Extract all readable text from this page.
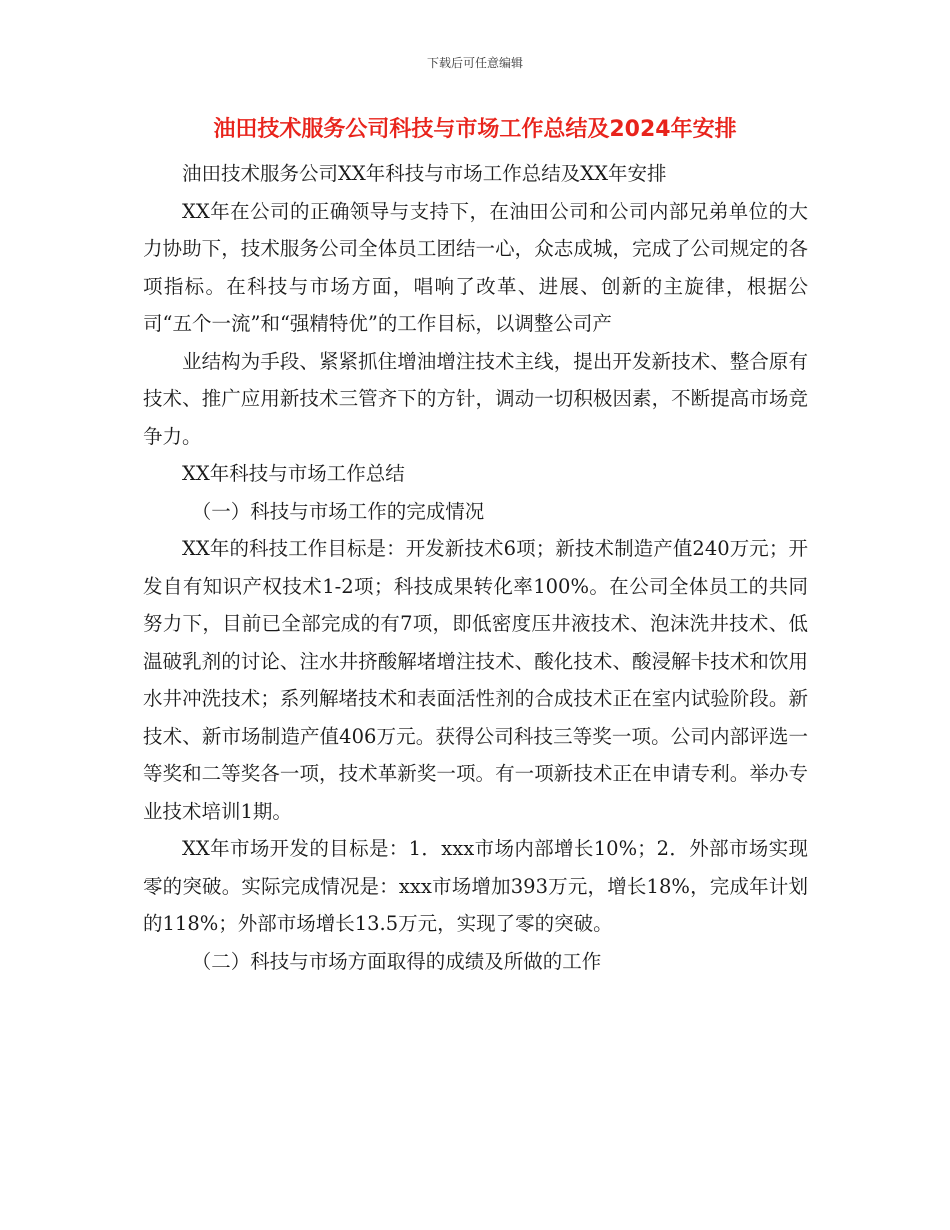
下载后可任意编辑
油田技术服务公司科技与市场工作总结及2024年安排

油田技术服务公司XX年科技与市场工作总结及XX年安排

XX年在公司的正确领导与支持下，在油田公司和公司内部兄弟单位的大力协助下，技术服务公司全体员工团结一心，众志成城，完成了公司规定的各项指标。在科技与市场方面，唱响了改革、进展、创新的主旋律，根据公司“五个一流”和“强精特优”的工作目标，以调整公司产

业结构为手段、紧紧抓住增油增注技术主线，提出开发新技术、整合原有技术、推广应用新技术三管齐下的方针，调动一切积极因素，不断提高市场竞争力。

XX年科技与市场工作总结

（一）科技与市场工作的完成情况

XX年的科技工作目标是：开发新技术6项；新技术制造产值240万元；开发自有知识产权技术1-2项；科技成果转化率100%。在公司全体员工的共同努力下，目前已全部完成的有7项，即低密度压井液技术、泡沫洗井技术、低温破乳剂的讨论、注水井挤酸解堵增注技术、酸化技术、酸浸解卡技术和饮用水井冲洗技术；系列解堵技术和表面活性剂的合成技术正在室内试验阶段。新技术、新市场制造产值406万元。获得公司科技三等奖一项。公司内部评选一等奖和二等奖各一项，技术革新奖一项。有一项新技术正在申请专利。举办专业技术培训1期。

XX年市场开发的目标是：1．xxx市场内部增长10%；2．外部市场实现零的突破。实际完成情况是：xxx市场增加393万元，增长18%，完成年计划的118%；外部市场增长13.5万元，实现了零的突破。

（二）科技与市场方面取得的成绩及所做的工作
